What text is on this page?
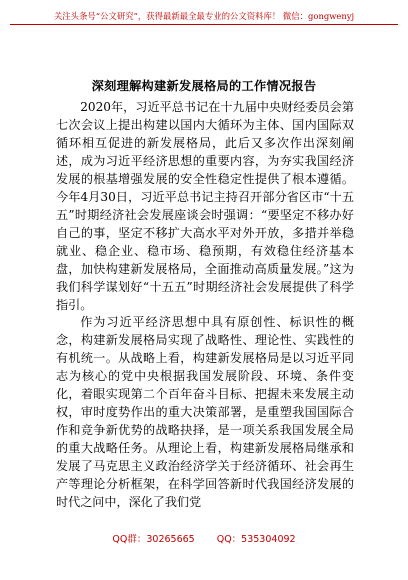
关注头条号“公文研究”，获得最新最全最专业的公文资料库！ 微信：gongwenyj
深刻理解构建新发展格局的工作情况报告

2020年，习近平总书记在十九届中央财经委员会第七次会议上提出构建以国内大循环为主体、国内国际双循环相互促进的新发展格局，此后又多次作出深刻阐述，成为习近平经济思想的重要内容，为夯实我国经济发展的根基增强发展的安全性稳定性提供了根本遵循。今年4月30日，习近平总书记主持召开部分省区市“十五五”时期经济社会发展座谈会时强调：“要坚定不移办好自己的事，坚定不移扩大高水平对外开放，多措并举稳就业、稳企业、稳市场、稳预期，有效稳住经济基本盘，加快构建新发展格局，全面推动高质量发展。”这为我们科学谋划好“十五五”时期经济社会发展提供了科学指引。

作为习近平经济思想中具有原创性、标识性的概念，构建新发展格局实现了战略性、理论性、实践性的有机统一。从战略上看，构建新发展格局是以习近平同志为核心的党中央根据我国发展阶段、环境、条件变化，着眼实现第二个百年奋斗目标、把握未来发展主动权，审时度势作出的重大决策部署，是重塑我国国际合作和竞争新优势的战略抉择，是一项关系我国发展全局的重大战略任务。从理论上看，构建新发展格局继承和发展了马克思主义政治经济学关于经济循环、社会再生产等理论分析框架，在科学回答新时代我国经济发展的时代之问中，深化了我们党

QQ群：30265665 QQ：535304092
